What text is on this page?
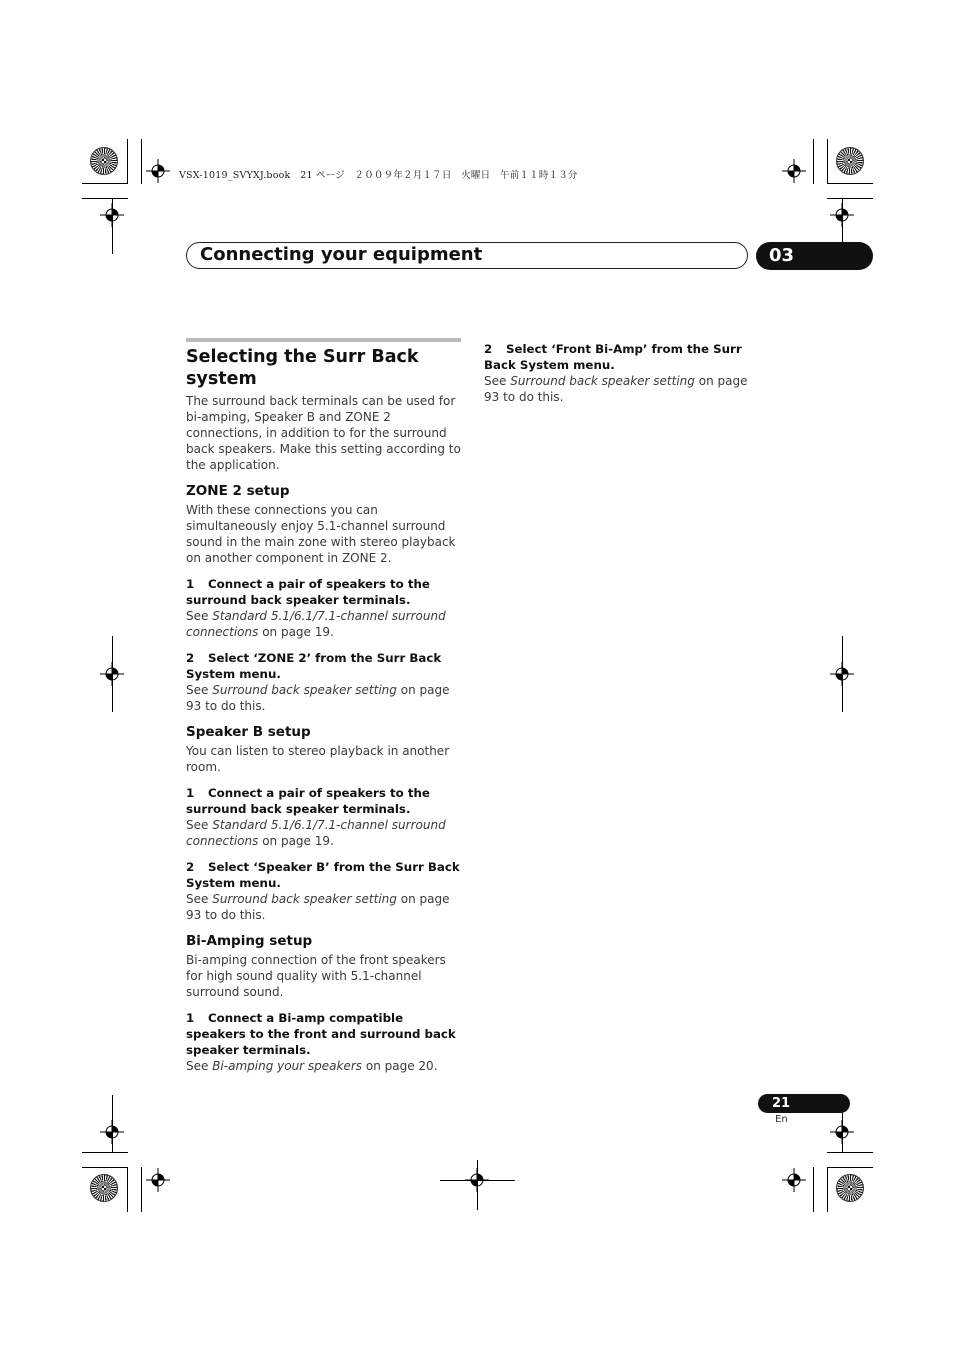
VSX-1019_SVYXJ.book　21 ページ　２００９年２月１７日　火曜日　午前１１時１３分
Connecting your equipment	03
Selecting the Surr Back system

The surround back terminals can be used for bi-amping, Speaker B and ZONE 2 connections, in addition to for the surround back speakers. Make this setting according to the application.

ZONE 2 setup

With these connections you can simultaneously enjoy 5.1-channel surround sound in the main zone with stereo playback on another component in ZONE 2.

1 Connect a pair of speakers to the surround back speaker terminals.
See Standard 5.1/6.1/7.1-channel surround connections on page 19.
2 Select ‘ZONE 2’ from the Surr Back System menu.
See Surround back speaker setting on page 93 to do this.
Speaker B setup

You can listen to stereo playback in another room.

1 Connect a pair of speakers to the surround back speaker terminals.
See Standard 5.1/6.1/7.1-channel surround connections on page 19.
2 Select ‘Speaker B’ from the Surr Back System menu.
See Surround back speaker setting on page 93 to do this.
Bi-Amping setup

Bi-amping connection of the front speakers for high sound quality with 5.1-channel surround sound.

1 Connect a Bi-amp compatible speakers to the front and surround back speaker terminals.
See Bi-amping your speakers on page 20.
2 Select ‘Front Bi-Amp’ from the Surr Back System menu.
See Surround back speaker setting on page 93 to do this.
21
En
